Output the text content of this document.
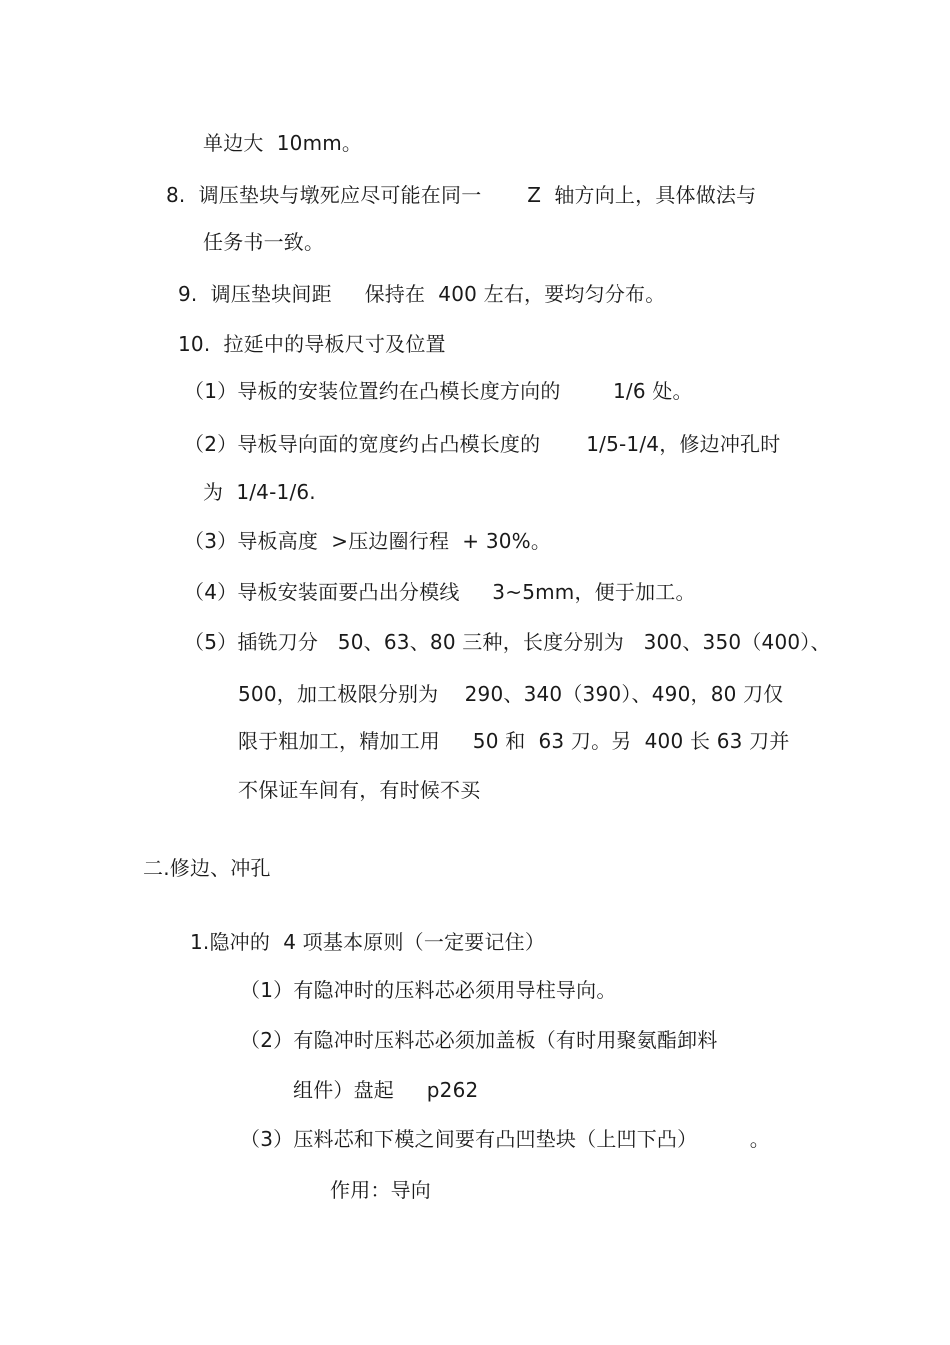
单边大  10mm。
8.  调压垫块与墩死应尽可能在同一       Z  轴方向上，具体做法与
任务书一致。
9.  调压垫块间距     保持在  400 左右，要均匀分布。
10.  拉延中的导板尺寸及位置
（1）导板的安装位置约在凸模长度方向的        1/6 处。
（2）导板导向面的宽度约占凸模长度的       1/5-1/4，修边冲孔时
为  1/4-1/6.
（3）导板高度  >压边圈行程  + 30%。
（4）导板安装面要凸出分模线     3~5mm，便于加工。
（5）插铣刀分   50、63、80 三种，长度分别为   300、350（400）、
500，加工极限分别为    290、340（390）、490，80 刀仅
限于粗加工，精加工用     50 和  63 刀。另  400 长 63 刀并
不保证车间有，有时候不买
二.修边、冲孔
1.隐冲的  4 项基本原则（一定要记住）
（1）有隐冲时的压料芯必须用导柱导向。
（2）有隐冲时压料芯必须加盖板（有时用聚氨酯卸料
组件）盘起     p262
（3）压料芯和下模之间要有凸凹垫块（上凹下凸）        。
作用：导向
